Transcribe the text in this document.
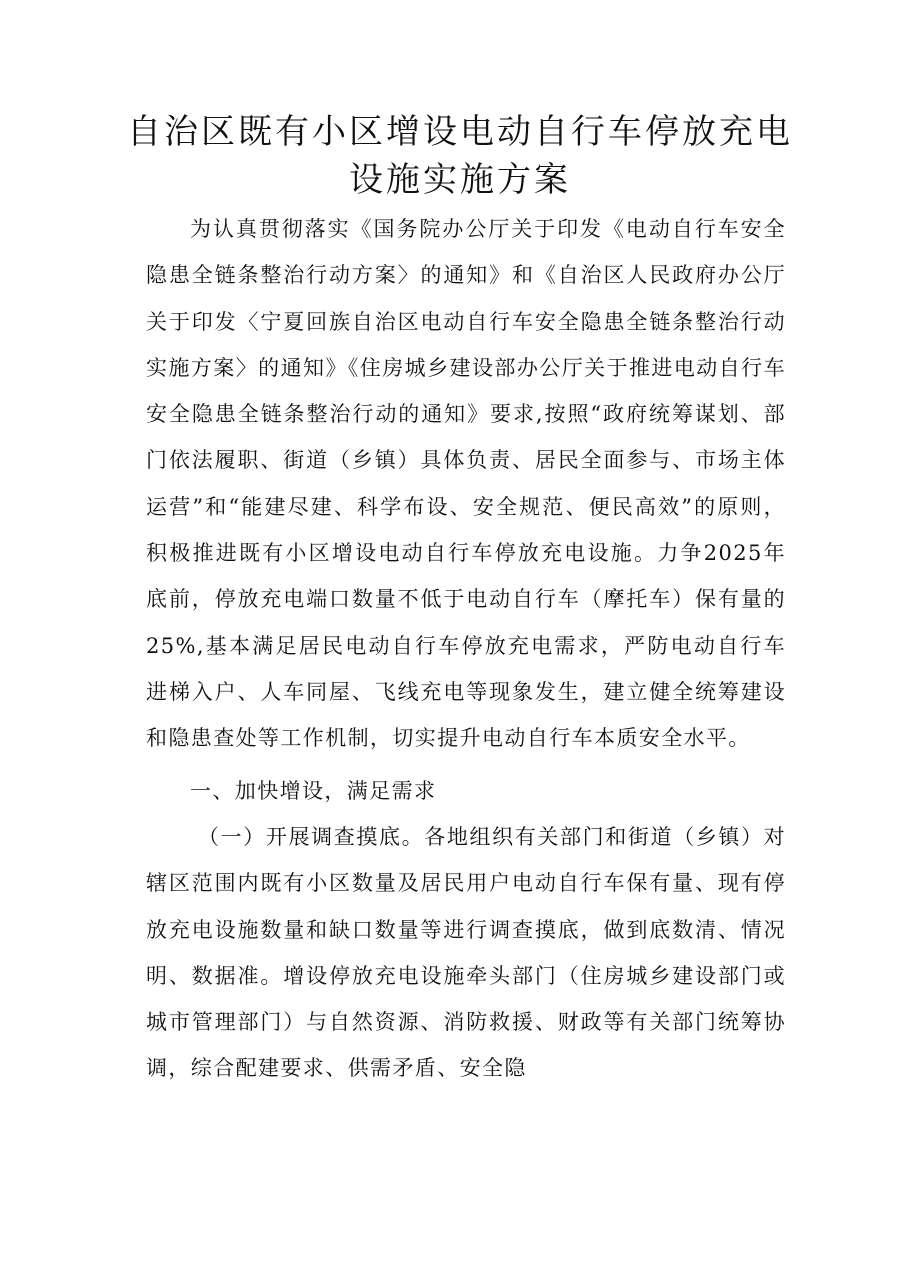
自治区既有小区增设电动自行车停放充电
设施实施方案

为认真贯彻落实《国务院办公厅关于印发《电动自行车安全隐患全链条整治行动方案〉的通知》和《自治区人民政府办公厅关于印发〈宁夏回族自治区电动自行车安全隐患全链条整治行动实施方案〉的通知》《住房城乡建设部办公厅关于推进电动自行车安全隐患全链条整治行动的通知》要求,按照“政府统筹谋划、部门依法履职、街道（乡镇）具体负责、居民全面参与、市场主体运营”和“能建尽建、科学布设、安全规范、便民高效”的原则，积极推进既有小区增设电动自行车停放充电设施。力争2025年底前，停放充电端口数量不低于电动自行车（摩托车）保有量的25%,基本满足居民电动自行车停放充电需求，严防电动自行车进梯入户、人车同屋、飞线充电等现象发生，建立健全统筹建设和隐患查处等工作机制，切实提升电动自行车本质安全水平。

一、加快增设，满足需求

（一）开展调查摸底。各地组织有关部门和街道（乡镇）对辖区范围内既有小区数量及居民用户电动自行车保有量、现有停放充电设施数量和缺口数量等进行调查摸底，做到底数清、情况明、数据准。增设停放充电设施牵头部门（住房城乡建设部门或城市管理部门）与自然资源、消防救援、财政等有关部门统筹协调，综合配建要求、供需矛盾、安全隐
